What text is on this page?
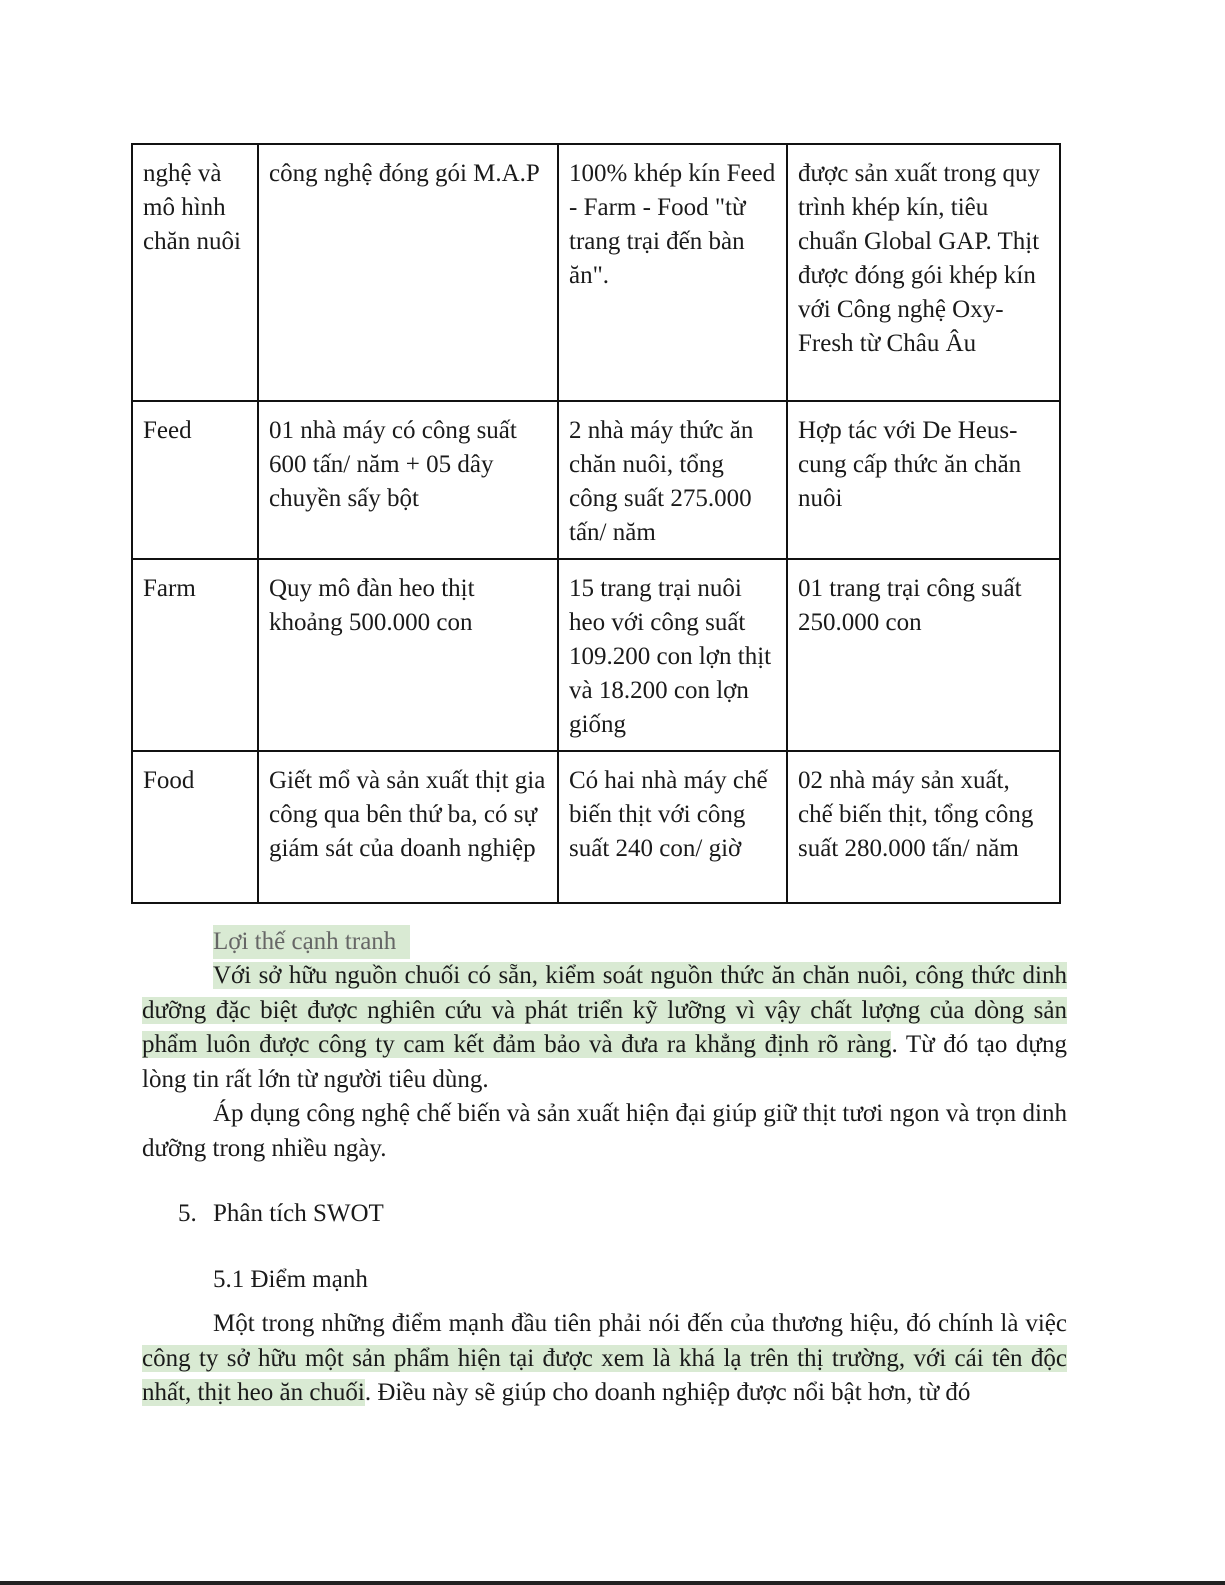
nghệ và mô hình chăn nuôi	công nghệ đóng gói M.A.P	100% khép kín Feed - Farm - Food "từ trang trại đến bàn ăn".	được sản xuất trong quy trình khép kín, tiêu chuẩn Global GAP. Thịt được đóng gói khép kín với Công nghệ Oxy-Fresh từ Châu Âu
Feed	01 nhà máy có công suất 600 tấn/ năm + 05 dây chuyền sấy bột	2 nhà máy thức ăn chăn nuôi, tổng công suất 275.000 tấn/ năm	Hợp tác với De Heus- cung cấp thức ăn chăn nuôi
Farm	Quy mô đàn heo thịt khoảng 500.000 con	15 trang trại nuôi heo với công suất 109.200 con lợn thịt và 18.200 con lợn giống	01 trang trại công suất 250.000 con
Food	Giết mổ và sản xuất thịt gia công qua bên thứ ba, có sự giám sát của doanh nghiệp	Có hai nhà máy chế biến thịt với công suất 240 con/ giờ	02 nhà máy sản xuất, chế biến thịt, tổng công suất 280.000 tấn/ năm
Lợi thế cạnh tranh

Với sở hữu nguồn chuối có sẵn, kiểm soát nguồn thức ăn chăn nuôi, công thức dinh dưỡng đặc biệt được nghiên cứu và phát triển kỹ lưỡng vì vậy chất lượng của dòng sản phẩm luôn được công ty cam kết đảm bảo và đưa ra khẳng định rõ ràng. Từ đó tạo dựng lòng tin rất lớn từ người tiêu dùng.

Áp dụng công nghệ chế biến và sản xuất hiện đại giúp giữ thịt tươi ngon và trọn dinh dưỡng trong nhiều ngày.

5. Phân tích SWOT
5.1 Điểm mạnh

Một trong những điểm mạnh đầu tiên phải nói đến của thương hiệu, đó chính là việc công ty sở hữu một sản phẩm hiện tại được xem là khá lạ trên thị trường, với cái tên độc nhất, thịt heo ăn chuối. Điều này sẽ giúp cho doanh nghiệp được nổi bật hơn, từ đó
